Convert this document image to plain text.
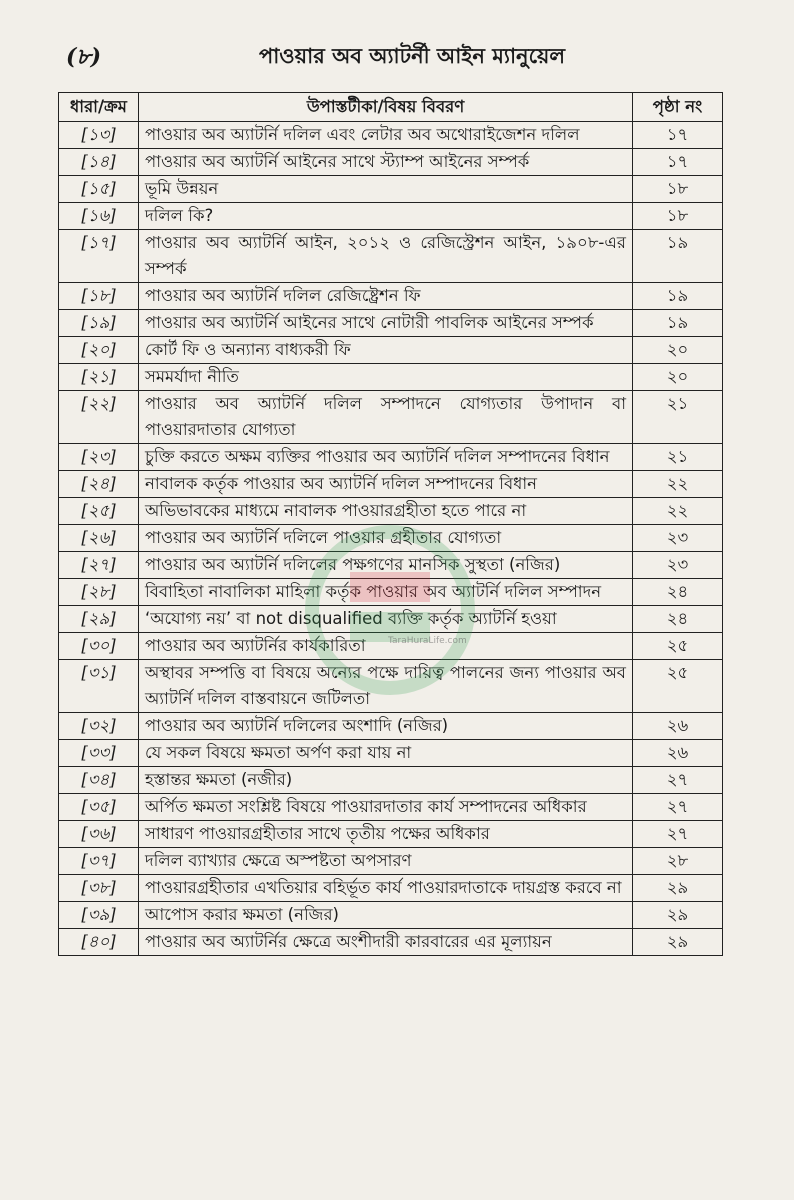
(৮)	পাওয়ার অব অ্যাটর্নী আইন ম্যানুয়েল
ধারা/ক্রম	উপাস্তটীকা/বিষয় বিবরণ	পৃষ্ঠা নং
[১৩]	পাওয়ার অব অ্যাটর্নি দলিল এবং লেটার অব অথোরাইজেশন দলিল	১৭
[১৪]	পাওয়ার অব অ্যাটর্নি আইনের সাথে স্ট্যাম্প আইনের সম্পর্ক	১৭
[১৫]	ভূমি উন্নয়ন	১৮
[১৬]	দলিল কি?	১৮
[১৭]	পাওয়ার অব অ্যাটর্নি আইন, ২০১২ ও রেজিস্ট্রেশন আইন, ১৯০৮-এর সম্পর্ক	১৯
[১৮]	পাওয়ার অব অ্যাটর্নি দলিল রেজিষ্ট্রেশন ফি	১৯
[১৯]	পাওয়ার অব অ্যাটর্নি আইনের সাথে নোটারী পাবলিক আইনের সম্পর্ক	১৯
[২০]	কোর্ট ফি ও অন্যান্য বাধ্যকরী ফি	২০
[২১]	সমমর্যাদা নীতি	২০
[২২]	পাওয়ার অব অ্যাটর্নি দলিল সম্পাদনে যোগ্যতার উপাদান বা পাওয়ারদাতার যোগ্যতা	২১
[২৩]	চুক্তি করতে অক্ষম ব্যক্তির পাওয়ার অব অ্যাটর্নি দলিল সম্পাদনের বিধান	২১
[২৪]	নাবালক কর্তৃক পাওয়ার অব অ্যাটর্নি দলিল সম্পাদনের বিধান	২২
[২৫]	অভিভাবকের মাধ্যমে নাবালক পাওয়ারগ্রহীতা হতে পারে না	২২
[২৬]	পাওয়ার অব অ্যাটর্নি দলিলে পাওয়ার গ্রহীতার যোগ্যতা	২৩
[২৭]	পাওয়ার অব অ্যাটর্নি দলিলের পক্ষগণের মানসিক সুস্থতা (নজির)	২৩
[২৮]	বিবাহিতা নাবালিকা মাহিলা কর্তৃক পাওয়ার অব অ্যাটর্নি দলিল সম্পাদন	২৪
[২৯]	‘অযোগ্য নয়’ বা not disqualified ব্যক্তি কর্তৃক অ্যাটর্নি হওয়া	২৪
[৩০]	পাওয়ার অব অ্যাটর্নির কার্যকারিতা	২৫
[৩১]	অস্থাবর সম্পত্তি বা বিষয়ে অন্যের পক্ষে দায়িত্ব পালনের জন্য পাওয়ার অব অ্যাটর্নি দলিল বাস্তবায়নে জটিলতা	২৫
[৩২]	পাওয়ার অব অ্যাটর্নি দলিলের অংশাদি (নজির)	২৬
[৩৩]	যে সকল বিষয়ে ক্ষমতা অর্পণ করা যায় না	২৬
[৩৪]	হস্তান্তর ক্ষমতা (নজীর)	২৭
[৩৫]	অর্পিত ক্ষমতা সংশ্লিষ্ট বিষয়ে পাওয়ারদাতার কার্য সম্পাদনের অধিকার	২৭
[৩৬]	সাধারণ পাওয়ারগ্রহীতার সাথে তৃতীয় পক্ষের অধিকার	২৭
[৩৭]	দলিল ব্যাখ্যার ক্ষেত্রে অস্পষ্টতা অপসারণ	২৮
[৩৮]	পাওয়ারগ্রহীতার এখতিয়ার বহির্ভূত কার্য পাওয়ারদাতাকে দায়গ্রস্ত করবে না	২৯
[৩৯]	আপোস করার ক্ষমতা (নজির)	২৯
[৪০]	পাওয়ার অব অ্যাটর্নির ক্ষেত্রে অংশীদারী কারবারের এর মূল্যায়ন	২৯
TaraHuraLife.com
